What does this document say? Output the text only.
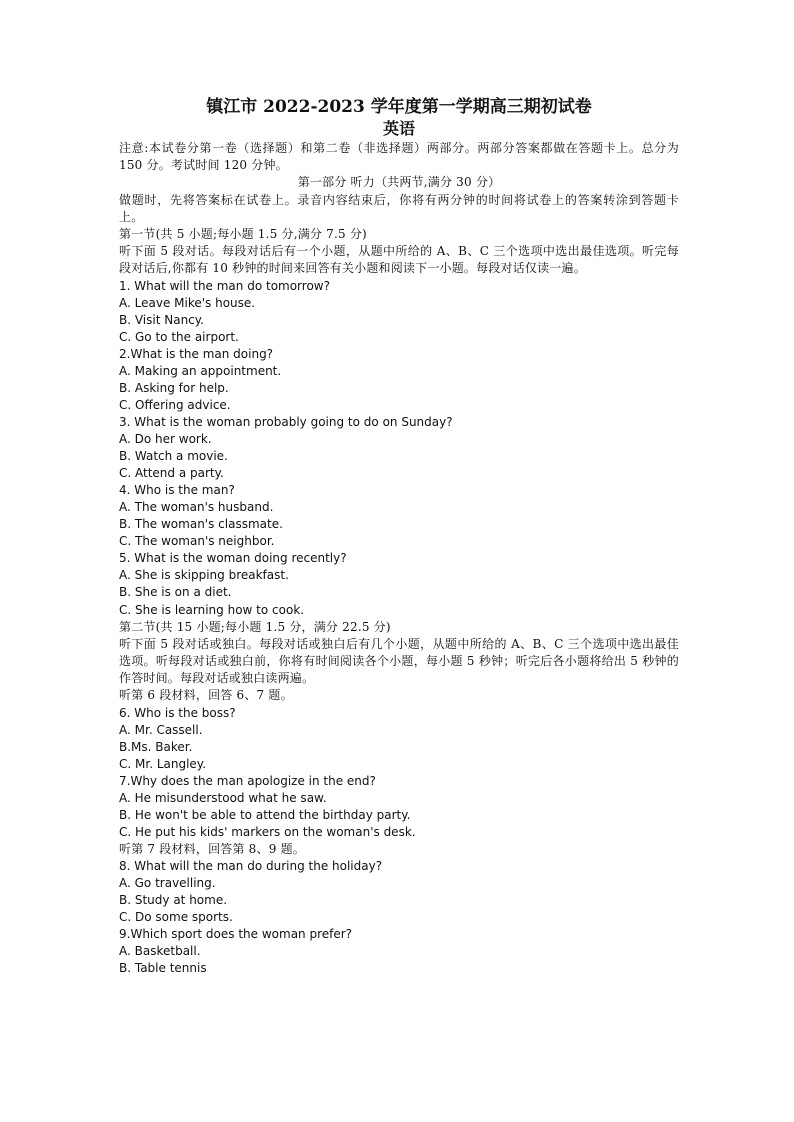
镇江市 2022-2023 学年度第一学期高三期初试卷

英语

注意:本试卷分第一卷（选择题）和第二卷（非选择题）两部分。两部分答案都做在答题卡上。总分为 150 分。考试时间 120 分钟。

第一部分 听力（共两节,满分 30 分）

做题时，先将答案标在试卷上。录音内容结束后，你将有两分钟的时间将试卷上的答案转涂到答题卡上。

第一节(共 5 小题;每小题 1.5 分,满分 7.5 分)

听下面 5 段对话。每段对话后有一个小题，从题中所给的 A、B、C 三个选项中选出最佳选项。听完每段对话后,你都有 10 秒钟的时间来回答有关小题和阅读下一小题。每段对话仅读一遍。

1. What will the man do tomorrow?

A. Leave Mike's house.

B. Visit Nancy.

C. Go to the airport.

2.What is the man doing?

A. Making an appointment.

B. Asking for help.

C. Offering advice.

3. What is the woman probably going to do on Sunday?

A. Do her work.

B. Watch a movie.

C. Attend a party.

4. Who is the man?

A. The woman's husband.

B. The woman's classmate.

C. The woman's neighbor.

5. What is the woman doing recently?

A. She is skipping breakfast.

B. She is on a diet.

C. She is learning how to cook.

第二节(共 15 小题;每小题 1.5 分，满分 22.5 分)

听下面 5 段对话或独白。每段对话或独白后有几个小题，从题中所给的 A、B、C 三个选项中选出最佳选项。听每段对话或独白前，你将有时间阅读各个小题，每小题 5 秒钟；听完后各小题将给出 5 秒钟的作答时间。每段对话或独白读两遍。

听第 6 段材料，回答 6、7 题。

6. Who is the boss?

A. Mr. Cassell.

B.Ms. Baker.

C. Mr. Langley.

7.Why does the man apologize in the end?

A. He misunderstood what he saw.

B. He won't be able to attend the birthday party.

C. He put his kids' markers on the woman's desk.

听第 7 段材料，回答第 8、9 题。

8. What will the man do during the holiday?

A. Go travelling.

B. Study at home.

C. Do some sports.

9.Which sport does the woman prefer?

A. Basketball.

B. Table tennis
